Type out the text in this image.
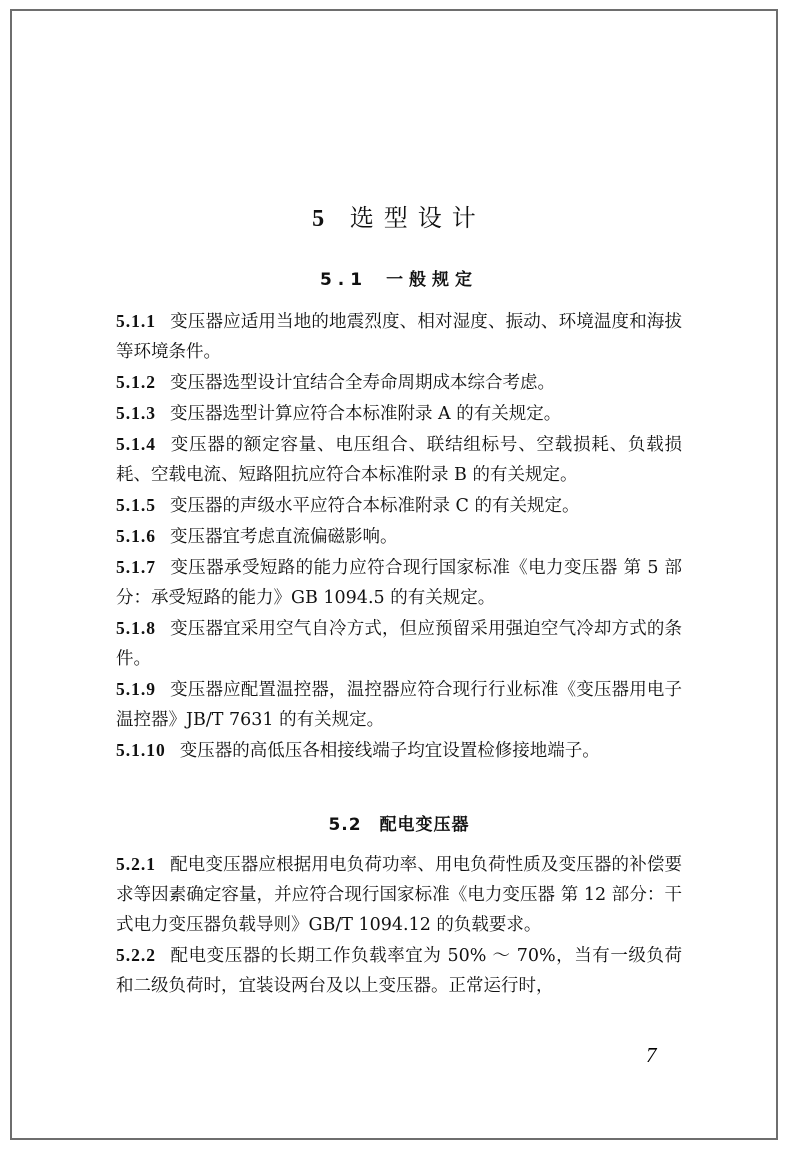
5 选型设计
5.1 一般规定

5.1.1 变压器应适用当地的地震烈度、相对湿度、振动、环境温度和海拔等环境条件。

5.1.2 变压器选型设计宜结合全寿命周期成本综合考虑。

5.1.3 变压器选型计算应符合本标准附录 A 的有关规定。

5.1.4 变压器的额定容量、电压组合、联结组标号、空载损耗、负载损耗、空载电流、短路阻抗应符合本标准附录 B 的有关规定。

5.1.5 变压器的声级水平应符合本标准附录 C 的有关规定。

5.1.6 变压器宜考虑直流偏磁影响。

5.1.7 变压器承受短路的能力应符合现行国家标准《电力变压器 第 5 部分：承受短路的能力》GB 1094.5 的有关规定。

5.1.8 变压器宜采用空气自冷方式，但应预留采用强迫空气冷却方式的条件。

5.1.9 变压器应配置温控器，温控器应符合现行行业标准《变压器用电子温控器》JB/T 7631 的有关规定。

5.1.10 变压器的高低压各相接线端子均宜设置检修接地端子。

5.2 配电变压器

5.2.1 配电变压器应根据用电负荷功率、用电负荷性质及变压器的补偿要求等因素确定容量，并应符合现行国家标准《电力变压器 第 12 部分：干式电力变压器负载导则》GB/T 1094.12 的负载要求。

5.2.2 配电变压器的长期工作负载率宜为 50% ～ 70%，当有一级负荷和二级负荷时，宜装设两台及以上变压器。正常运行时，

7
